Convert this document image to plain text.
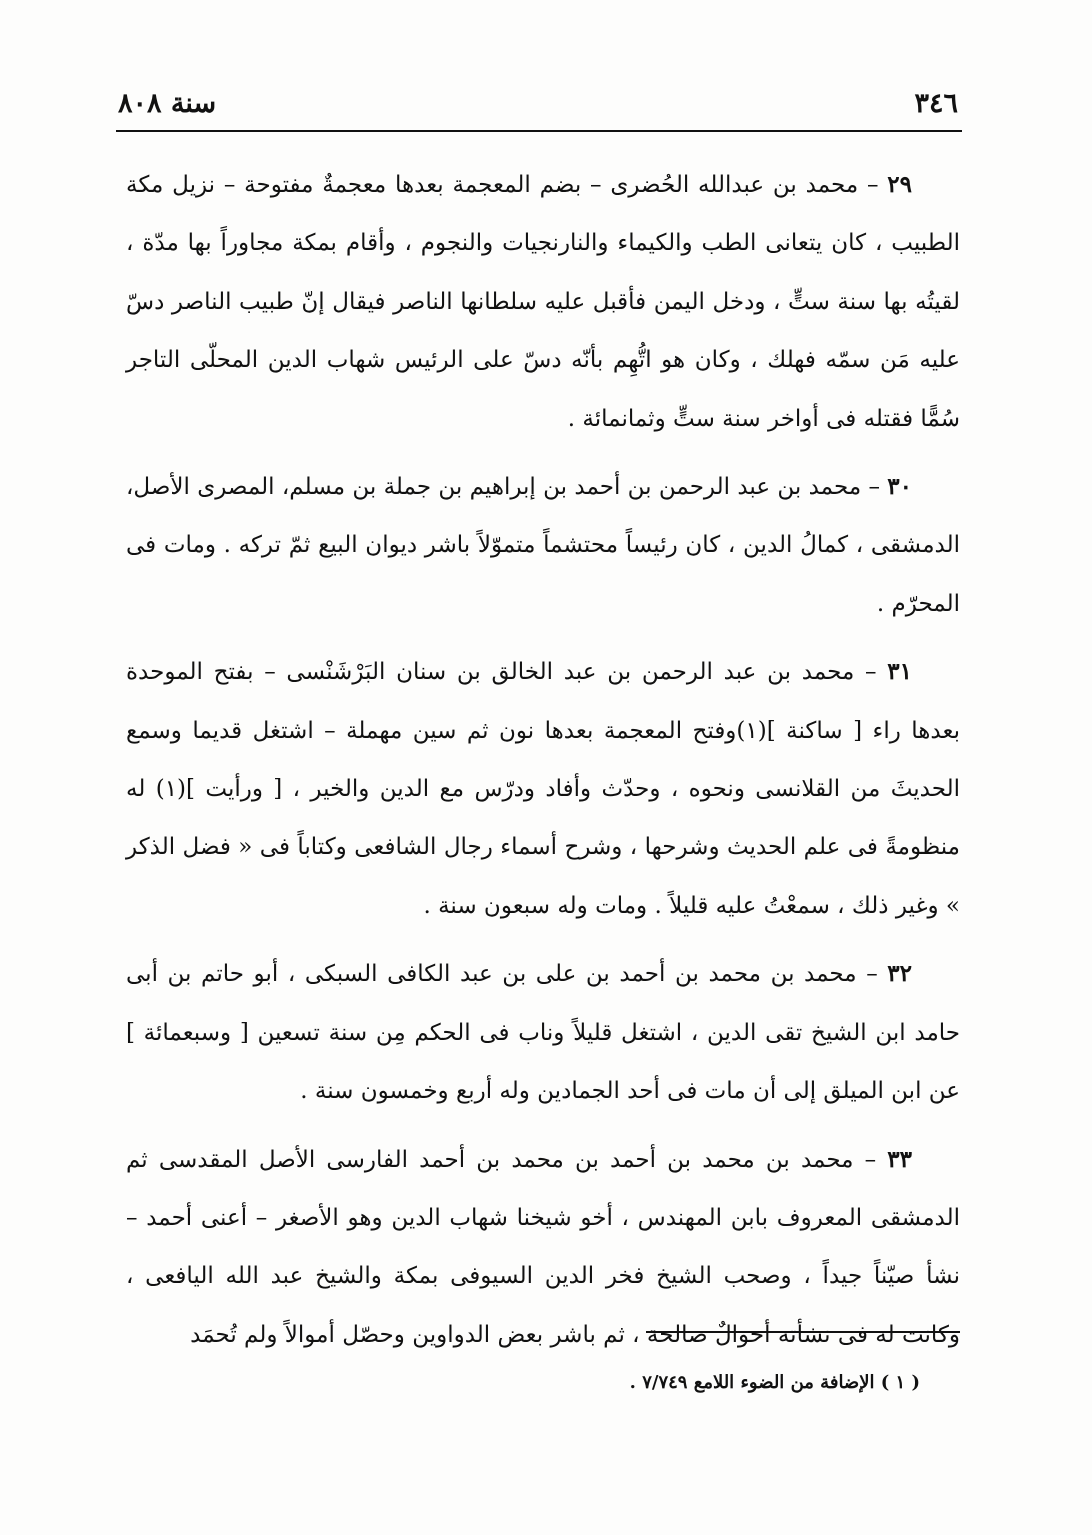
٣٤٦
سنة ٨٠٨

٢٩ – محمد بن عبدالله الحُضرى – بضم المعجمة بعدها معجمةٌ مفتوحة – نزيل مكة الطبيب ، كان يتعانى الطب والكيماء والنارنجيات والنجوم ، وأقام بمكة مجاوراً بها مدّة ، لقيتُه بها سنة ستٍّ ، ودخل اليمن فأقبل عليه سلطانها الناصر فيقال إنّ طبيب الناصر دسّ عليه مَن سمّه فهلك ، وكان هو اتُّهِم بأنّه دسّ على الرئيس شهاب الدين المحلّى التاجر سُمًّا فقتله فى أواخر سنة ستٍّ وثمانمائة .

٣٠ – محمد بن عبد الرحمن بن أحمد بن إبراهيم بن جملة بن مسلم، المصرى الأصل، الدمشقى ، كمالُ الدين ، كان رئيساً محتشماً متموّلاً باشر ديوان البيع ثمّ تركه . ومات فى المحرّم .

٣١ – محمد بن عبد الرحمن بن عبد الخالق بن سنان البَرْشَنْسى – بفتح الموحدة بعدها راء [ ساكنة ](١)وفتح المعجمة بعدها نون ثم سين مهملة – اشتغل قديما وسمع الحديثَ من القلانسى ونحوه ، وحدّث وأفاد ودرّس مع الدين والخير ، [ ورأيت ](١) له منظومةً فى علم الحديث وشرحها ، وشرح أسماء رجال الشافعى وكتاباً فى « فضل الذكر » وغير ذلك ، سمعْتُ عليه قليلاً . ومات وله سبعون سنة .

٣٢ – محمد بن محمد بن أحمد بن على بن عبد الكافى السبكى ، أبو حاتم بن أبى حامد ابن الشيخ تقى الدين ، اشتغل قليلاً وناب فى الحكم مِن سنة تسعين [ وسبعمائة ] عن ابن الميلق إلى أن مات فى أحد الجمادين وله أربع وخمسون سنة .

٣٣ – محمد بن محمد بن أحمد بن محمد بن أحمد الفارسى الأصل المقدسى ثم الدمشقى المعروف بابن المهندس ، أخو شيخنا شهاب الدين وهو الأصغر – أعنى أحمد – نشأ صيّناً جيداً ، وصحب الشيخ فخر الدين السيوفى بمكة والشيخ عبد الله اليافعى ، وكانت له فى نشأته أحوالٌ صالحة ، ثم باشر بعض الدواوين وحصّل أموالاً ولم تُحمَد

( ١ ) الإضافة من الضوء اللامع ٧/٧٤٩ .
